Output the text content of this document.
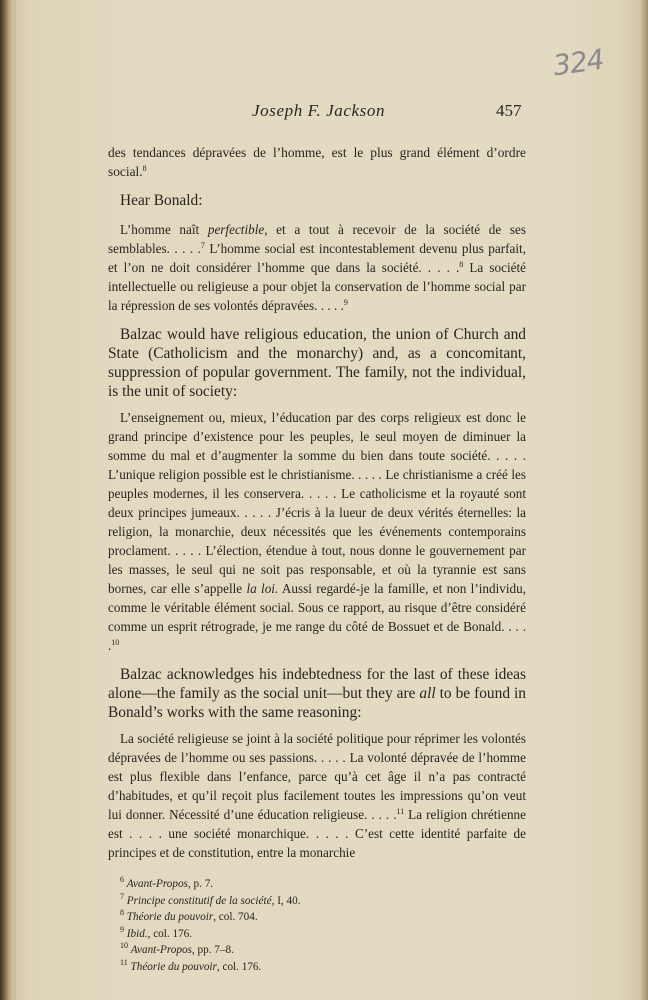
324
Joseph F. Jackson	457

des tendances dépravées de l’homme, est le plus grand élément d’ordre social.$^8$

Hear Bonald:

L’homme naît perfectible, et a tout à recevoir de la société de ses semblables. . . . .$^7$ L’homme social est incontestablement devenu plus parfait, et l’on ne doit considérer l’homme que dans la société. . . . .$^8$ La société intellectuelle ou religieuse a pour objet la conservation de l’homme social par la répression de ses volontés dépravées. . . . .$^9$

Balzac would have religious education, the union of Church and State (Catholicism and the monarchy) and, as a concomitant, suppression of popular government. The family, not the individual, is the unit of society:

L’enseignement ou, mieux, l’éducation par des corps religieux est donc le grand principe d’existence pour les peuples, le seul moyen de diminuer la somme du mal et d’augmenter la somme du bien dans toute société. . . . . L’unique religion possible est le christianisme. . . . . Le christianisme a créé les peuples modernes, il les conservera. . . . . Le catholicisme et la royauté sont deux principes jumeaux. . . . . J’écris à la lueur de deux vérités éternelles: la religion, la monarchie, deux nécessités que les événements contemporains proclament. . . . . L’élection, étendue à tout, nous donne le gouvernement par les masses, le seul qui ne soit pas responsable, et où la tyrannie est sans bornes, car elle s’appelle la loi. Aussi regardé-je la famille, et non l’individu, comme le véritable élément social. Sous ce rapport, au risque d’être considéré comme un esprit rétrograde, je me range du côté de Bossuet et de Bonald. . . . .$^{10}$

Balzac acknowledges his indebtedness for the last of these ideas alone—the family as the social unit—but they are all to be found in Bonald’s works with the same reasoning:

La société religieuse se joint à la société politique pour réprimer les volontés dépravées de l’homme ou ses passions. . . . . La volonté dépravée de l’homme est plus flexible dans l’enfance, parce qu’à cet âge il n’a pas contracté d’habitudes, et qu’il reçoit plus facilement toutes les impressions qu’on veut lui donner. Nécessité d’une éducation religieuse. . . . .$^{11}$ La religion chrétienne est . . . . une société monarchique. . . . . C’est cette identité parfaite de principes et de constitution, entre la monarchie

$^6$ Avant-Propos, p. 7.
$^7$ Principe constitutif de la société, I, 40.
$^8$ Théorie du pouvoir, col. 704.
$^9$ Ibid., col. 176.
$^{10}$ Avant-Propos, pp. 7–8.
$^{11}$ Théorie du pouvoir, col. 176.
